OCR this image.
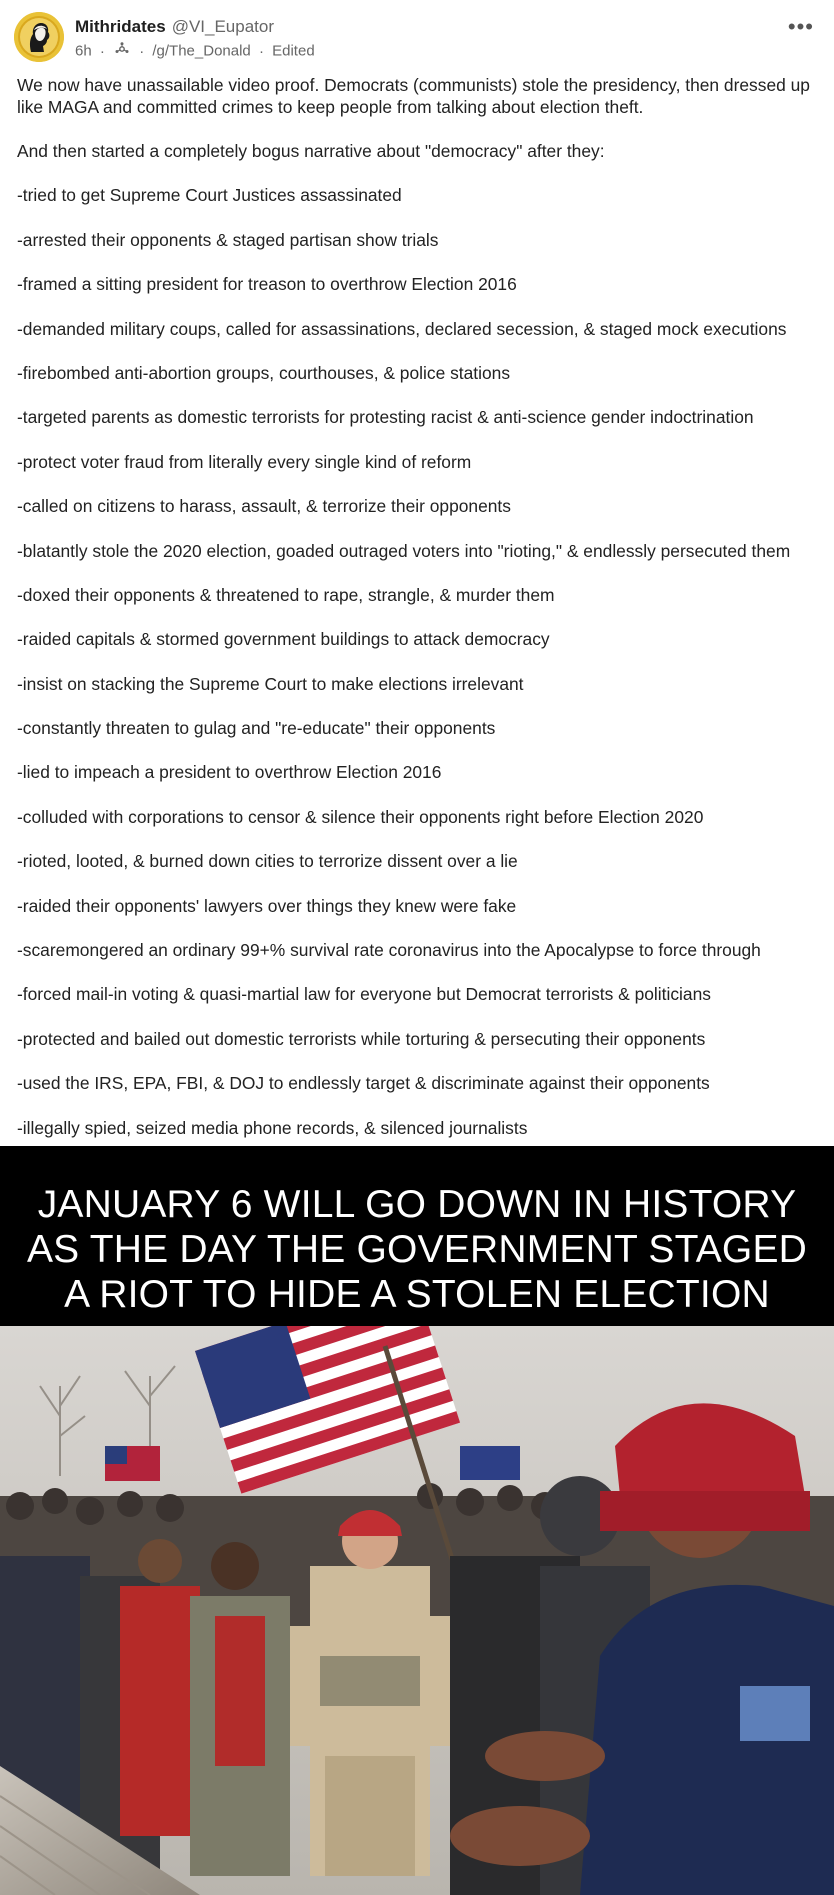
Mithridates @VI_Eupator
6h · · /g/The_Donald · Edited
•••

We now have unassailable video proof. Democrats (communists) stole the presidency, then dressed up like MAGA and committed crimes to keep people from talking about election theft.

And then started a completely bogus narrative about "democracy" after they:

-tried to get Supreme Court Justices assassinated
-arrested their opponents & staged partisan show trials
-framed a sitting president for treason to overthrow Election 2016
-demanded military coups, called for assassinations, declared secession, & staged mock executions
-firebombed anti-abortion groups, courthouses, & police stations
-targeted parents as domestic terrorists for protesting racist & anti-science gender indoctrination
-protect voter fraud from literally every single kind of reform
-called on citizens to harass, assault, & terrorize their opponents
-blatantly stole the 2020 election, goaded outraged voters into "rioting," & endlessly persecuted them
-doxed their opponents & threatened to rape, strangle, & murder them
-raided capitals & stormed government buildings to attack democracy
-insist on stacking the Supreme Court to make elections irrelevant
-constantly threaten to gulag and "re-educate" their opponents
-lied to impeach a president to overthrow Election 2016
-colluded with corporations to censor & silence their opponents right before Election 2020
-rioted, looted, & burned down cities to terrorize dissent over a lie
-raided their opponents' lawyers over things they knew were fake
-scaremongered an ordinary 99+% survival rate coronavirus into the Apocalypse to force through
-forced mail-in voting & quasi-martial law for everyone but Democrat terrorists & politicians
-protected and bailed out domestic terrorists while torturing & persecuting their opponents
-used the IRS, EPA, FBI, & DOJ to endlessly target & discriminate against their opponents
-illegally spied, seized media phone records, & silenced journalists
JANUARY 6 WILL GO DOWN IN HISTORY
AS THE DAY THE GOVERNMENT STAGED
A RIOT TO HIDE A STOLEN ELECTION
